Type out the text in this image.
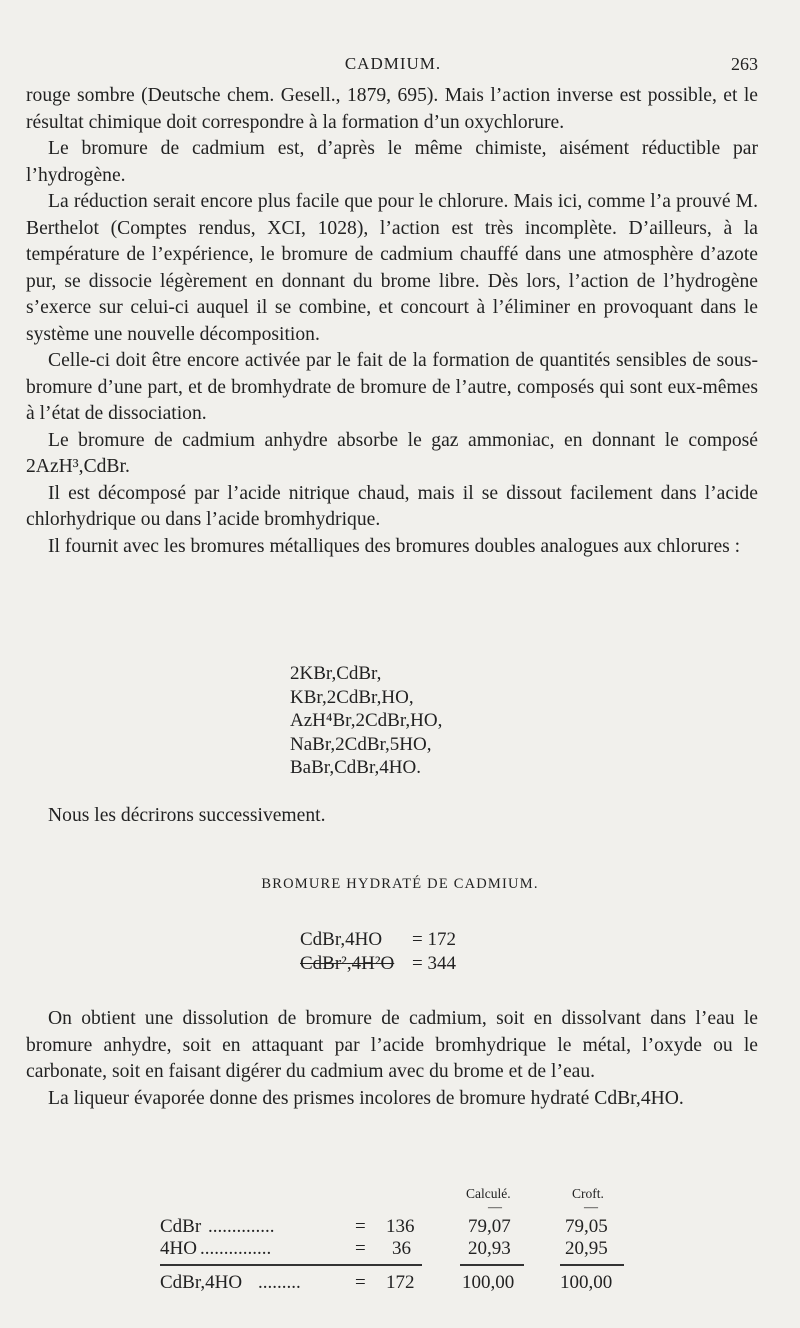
CADMIUM.	263

rouge sombre (Deutsche chem. Gesell., 1879, 695). Mais l’action inverse est possible, et le résultat chimique doit correspondre à la formation d’un oxychlorure.

Le bromure de cadmium est, d’après le même chimiste, aisément réductible par l’hydrogène.

La réduction serait encore plus facile que pour le chlorure. Mais ici, comme l’a prouvé M. Berthelot (Comptes rendus, XCI, 1028), l’action est très incomplète. D’ailleurs, à la température de l’expérience, le bromure de cadmium chauffé dans une atmosphère d’azote pur, se dissocie légèrement en donnant du brome libre. Dès lors, l’action de l’hydrogène s’exerce sur celui-ci auquel il se combine, et concourt à l’éliminer en provoquant dans le système une nouvelle décomposition.

Celle-ci doit être encore activée par le fait de la formation de quantités sensibles de sous-bromure d’une part, et de bromhydrate de bromure de l’autre, composés qui sont eux-mêmes à l’état de dissociation.

Le bromure de cadmium anhydre absorbe le gaz ammoniac, en donnant le composé 2AzH³,CdBr.

Il est décomposé par l’acide nitrique chaud, mais il se dissout facilement dans l’acide chlorhydrique ou dans l’acide bromhydrique.

Il fournit avec les bromures métalliques des bromures doubles analogues aux chlorures :

2KBr,CdBr,
KBr,2CdBr,HO,
AzH⁴Br,2CdBr,HO,
NaBr,2CdBr,5HO,
BaBr,CdBr,4HO.
Nous les décrirons successivement.
BROMURE HYDRATÉ DE CADMIUM.
CdBr,4HO = 172
CdBr²,4H²O = 344

On obtient une dissolution de bromure de cadmium, soit en dissolvant dans l’eau le bromure anhydre, soit en attaquant par l’acide bromhydrique le métal, l’oxyde ou le carbonate, soit en faisant digérer du cadmium avec du brome et de l’eau.

La liqueur évaporée donne des prismes incolores de bromure hydraté CdBr,4HO.

Calculé.	Croft.
—	—
CdBr ..............	= 136	79,07	79,05
4HO ...............	= 36	20,93	20,95
CdBr,4HO .........	= 172	100,00 100,00
